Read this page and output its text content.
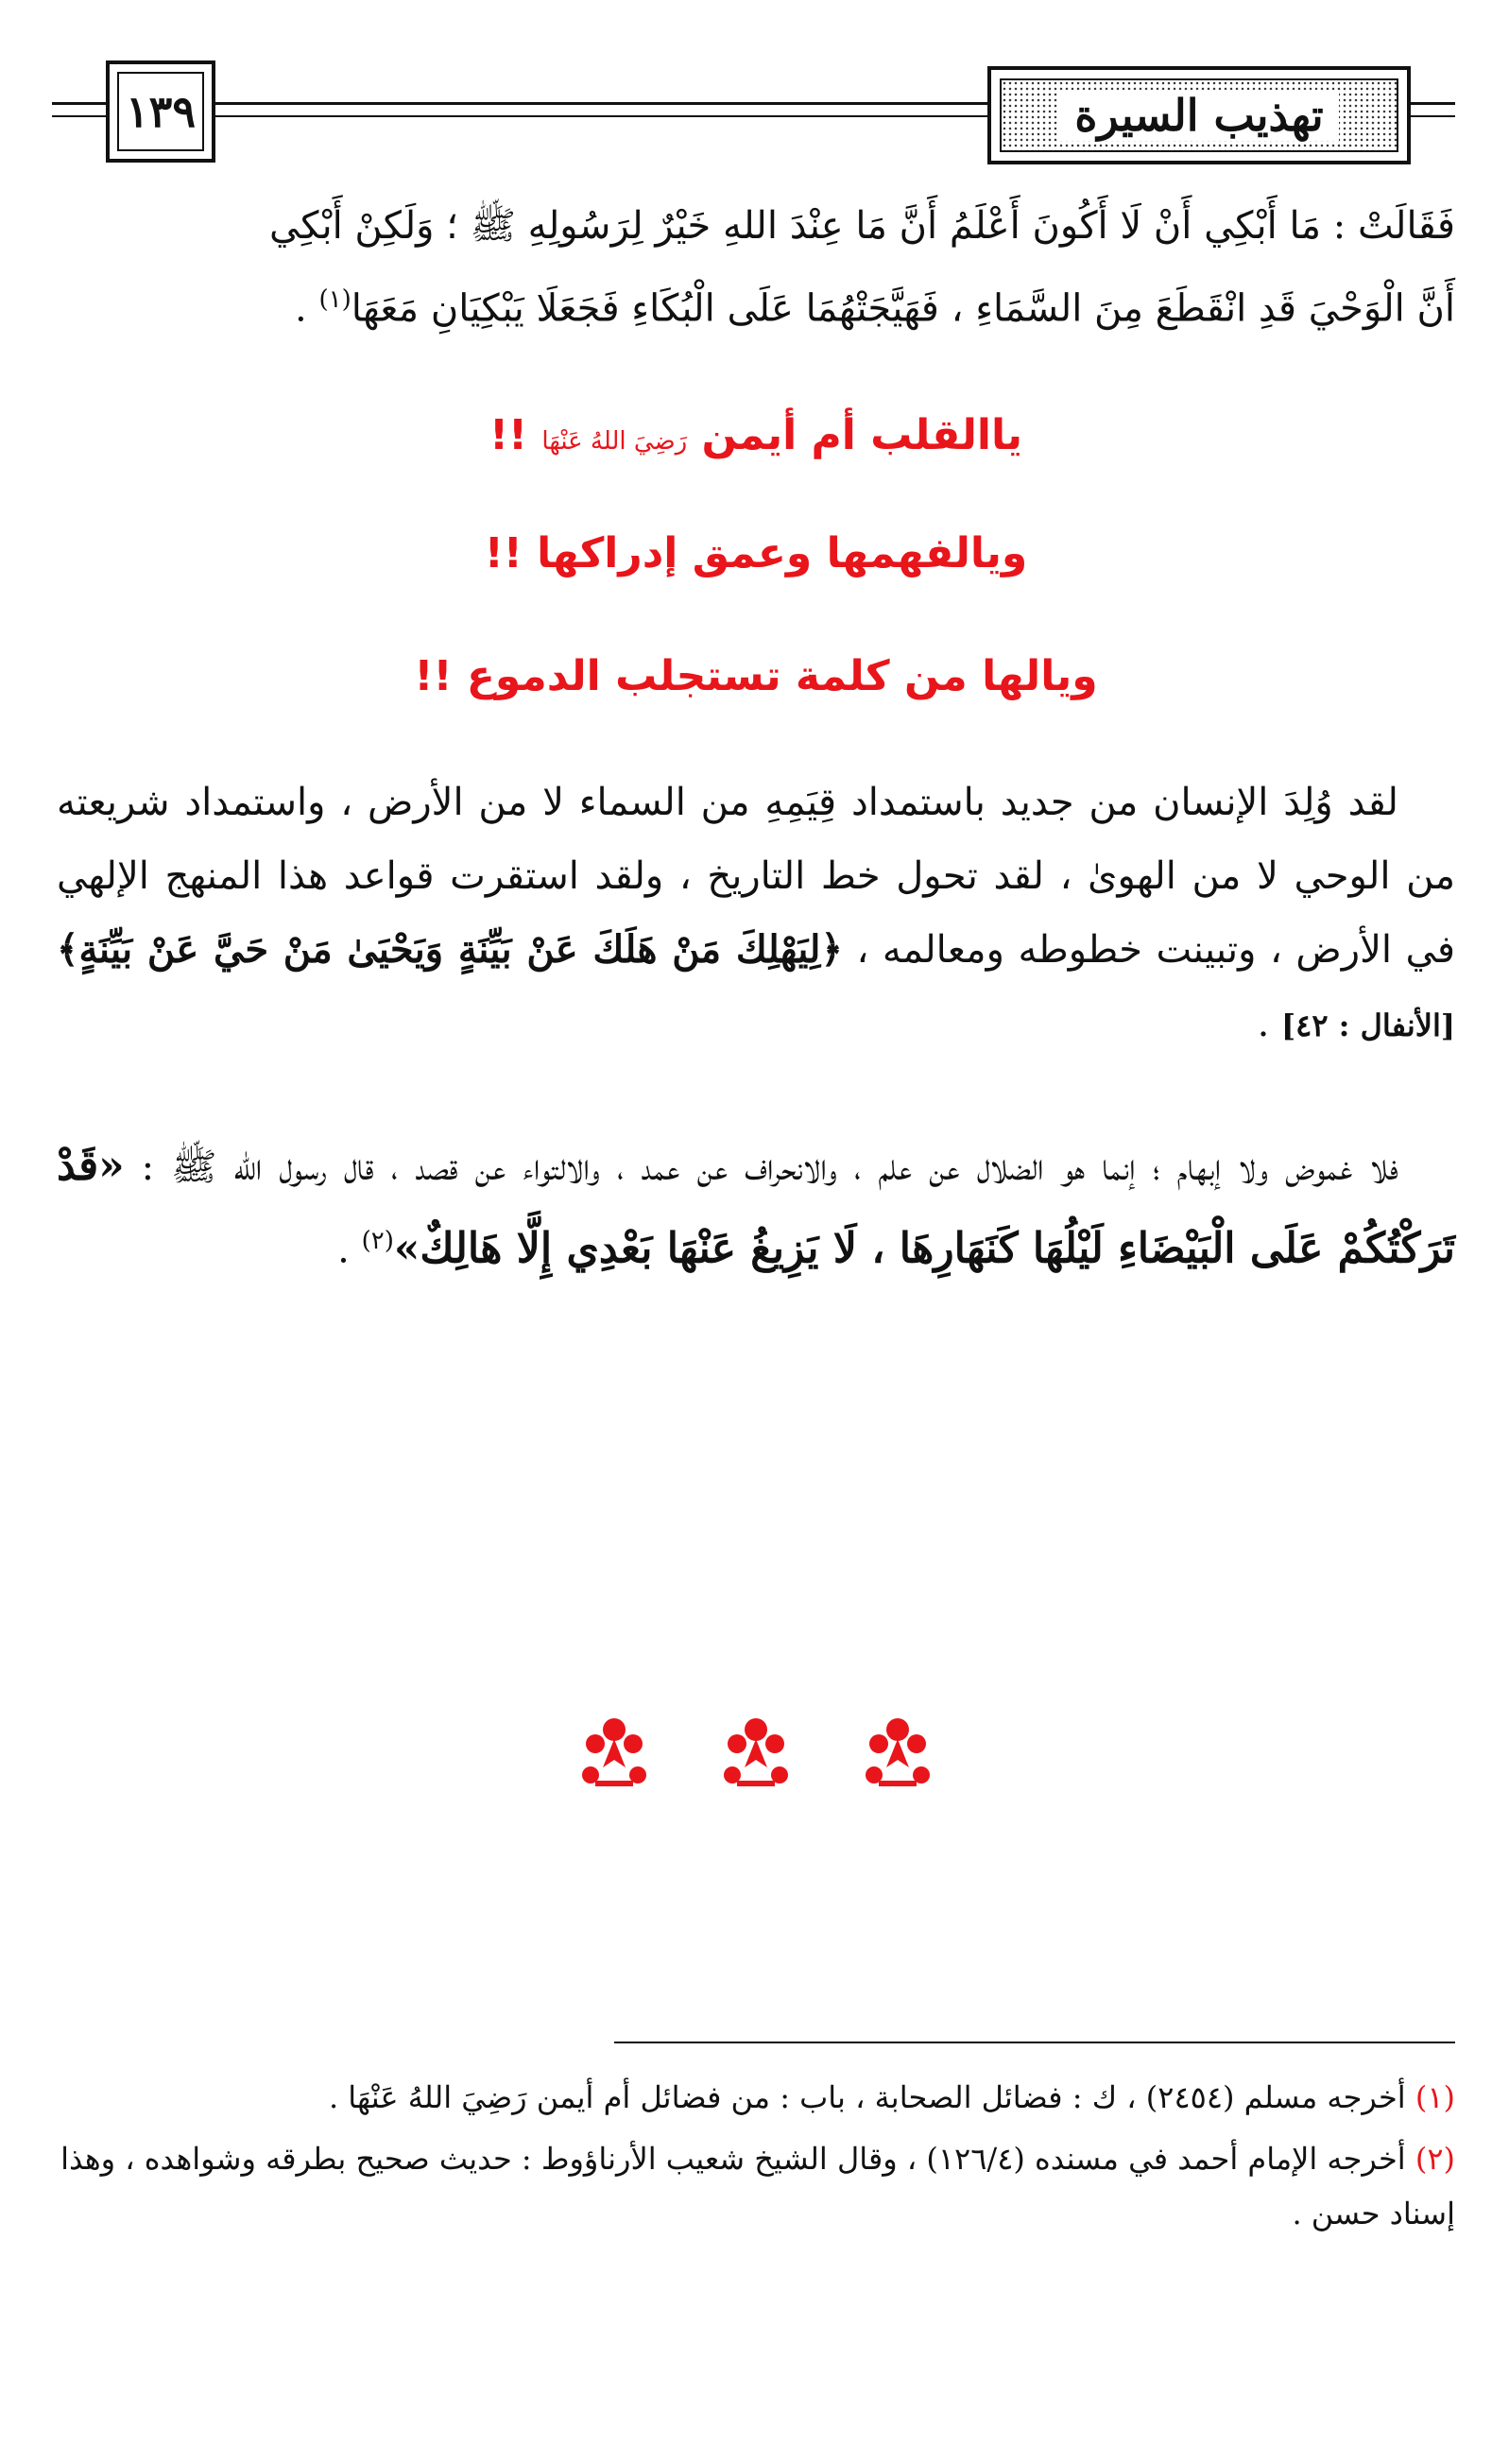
١٣٩	تهذيب السيرة
فَقَالَتْ : مَا أَبْكِي أَنْ لَا أَكُونَ أَعْلَمُ أَنَّ مَا عِنْدَ اللهِ خَيْرٌ لِرَسُولِهِ ﷺ ؛ وَلَكِنْ أَبْكِي
أَنَّ الْوَحْيَ قَدِ انْقَطَعَ مِنَ السَّمَاءِ ، فَهَيَّجَتْهُمَا عَلَى الْبُكَاءِ فَجَعَلَا يَبْكِيَانِ مَعَهَا$^{(١)}$ .
ياالقلب أم أيمن رَضِيَ اللهُ عَنْهَا !!
ويالفهمها وعمق إدراكها !!
ويالها من كلمة تستجلب الدموع !!
لقد وُلِدَ الإنسان من جديد باستمداد قِيَمِهِ من السماء لا من الأرض ، واستمداد شريعته من الوحي لا من الهوىٰ ، لقد تحول خط التاريخ ، ولقد استقرت قواعد هذا المنهج الإلهي في الأرض ، وتبينت خطوطه ومعالمه ، ﴿لِيَهْلِكَ مَنْ هَلَكَ عَنْ بَيِّنَةٍ وَيَحْيَىٰ مَنْ حَيَّ عَنْ بَيِّنَةٍ﴾ [الأنفال : ٤٢] .
فلا غموض ولا إبهام ؛ إنما هو الضلال عن علم ، والانحراف عن عمد ، والالتواء عن قصد ، قال رسول الله ﷺ : «قَدْ تَرَكْتُكُمْ عَلَى الْبَيْضَاءِ لَيْلُهَا كَنَهَارِهَا ، لَا يَزِيغُ عَنْهَا بَعْدِي إِلَّا هَالِكٌ»$^{(٢)}$ .
(١) أخرجه مسلم (٢٤٥٤) ، ك : فضائل الصحابة ، باب : من فضائل أم أيمن رَضِيَ اللهُ عَنْهَا .
(٢) أخرجه الإمام أحمد في مسنده (١٢٦/٤) ، وقال الشيخ شعيب الأرناؤوط : حديث صحيح بطرقه وشواهده ، وهذا إسناد حسن .
